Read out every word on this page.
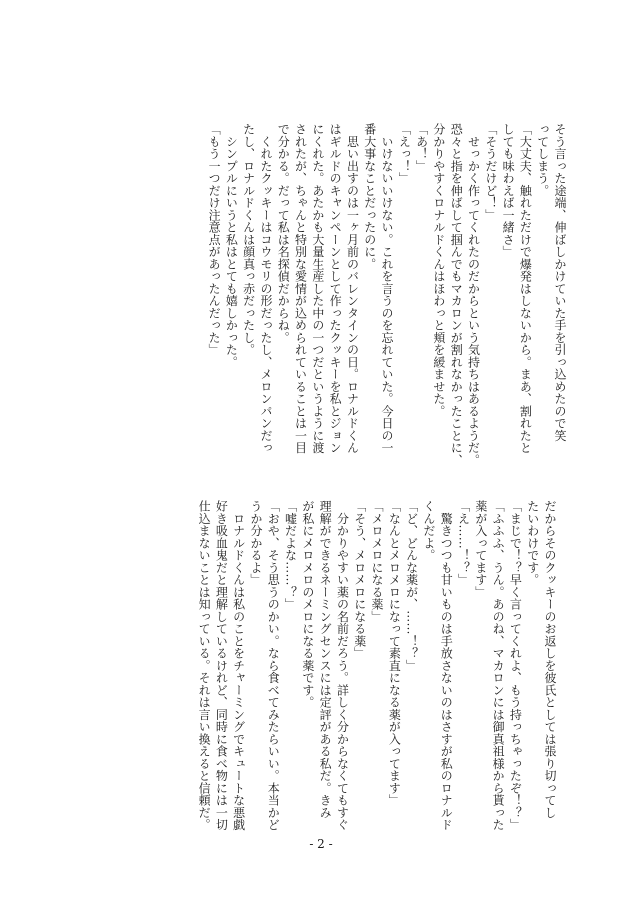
そう言った途端、伸ばしかけていた手を引っ込めたので笑
ってしまう。
「大丈夫、触れただけで爆発はしないから。まあ、割れたと
しても味わえば一緒さ」
「そうだけど！」
　せっかく作ってくれたのだからという気持ちはあるようだ。
恐々と指を伸ばして掴んでもマカロンが割れなかったことに、
分かりやすくロナルドくんはほわっと頬を緩ませた。
「あ！」
「えっ！」
　いけないいけない。これを言うのを忘れていた。今日の一
番大事なことだったのに。
　思い出すのは一ヶ月前のバレンタインの日。ロナルドくん
はギルドのキャンペーンとして作ったクッキーを私とジョン
にくれた。あたかも大量生産した中の一つだというように渡
されたが、ちゃんと特別な愛情が込められていることは一目
で分かる。だって私は名探偵だからね。
　くれたクッキーはコウモリの形だったし、メロンパンだっ
たし、ロナルドくんは顔真っ赤だったし。
　シンプルにいうと私はとても嬉しかった。
「もう一つだけ注意点があったんだった」
だからそのクッキーのお返しを彼氏としては張り切ってし
たいわけです。
「まじで！？早く言ってくれよ、もう持っちゃったぞ！？」
「ふふふ、うん。あのね、マカロンには御真祖様から貰った
薬が入ってます」
「え……！？」
　驚きつつも甘いものは手放さないのはさすが私のロナルド
くんだよ。
「ど、どんな薬が、……！？」
「なんとメロメロになって素直になる薬が入ってます」
「メロメロになる薬」
「そう、メロメロになる薬」
　分かりやすい薬の名前だろう。詳しく分からなくてもすぐ
理解ができるネーミングセンスには定評がある私だ。きみ
が私にメロメロのメロになる薬です。
「嘘だよな……？」
「おや、そう思うのかい。なら食べてみたらいい。本当かど
うか分かるよ」
　ロナルドくんは私のことをチャーミングでキュートな悪戯
好き吸血鬼だと理解しているけれど、同時に食べ物には一切
仕込まないことは知っている。それは言い換えると信頼だ。
- 2 -
